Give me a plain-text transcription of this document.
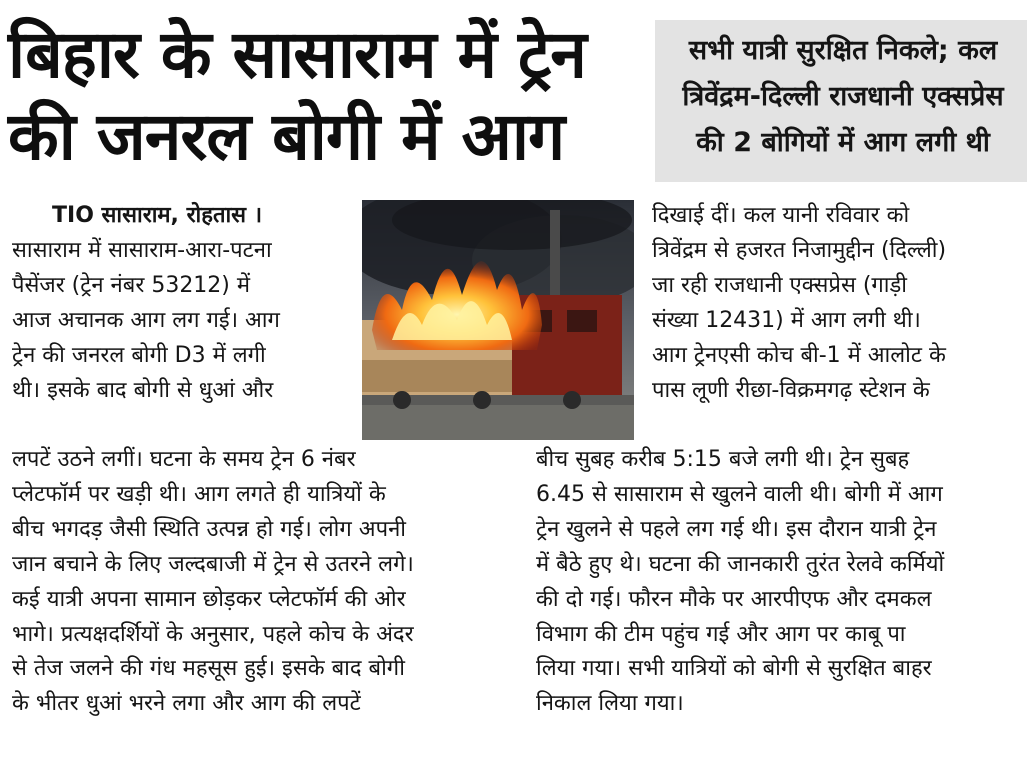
बिहार के सासाराम में ट्रेन
की जनरल बोगी में आग
सभी यात्री सुरक्षित निकले; कल
त्रिवेंद्रम-दिल्ली राजधानी एक्सप्रेस
की 2 बोगियों में आग लगी थी
TIO सासाराम, रोहतास ।
सासाराम में सासाराम-आरा-पटना
पैसेंजर (ट्रेन नंबर 53212) में
आज अचानक आग लग गई। आग
ट्रेन की जनरल बोगी D3 में लगी
थी। इसके बाद बोगी से धुआं और
लपटें उठने लगीं। घटना के समय ट्रेन 6 नंबर
प्लेटफॉर्म पर खड़ी थी। आग लगते ही यात्रियों के
बीच भगदड़ जैसी स्थिति उत्पन्न हो गई। लोग अपनी
जान बचाने के लिए जल्दबाजी में ट्रेन से उतरने लगे।
कई यात्री अपना सामान छोड़कर प्लेटफॉर्म की ओर
भागे। प्रत्यक्षदर्शियों के अनुसार, पहले कोच के अंदर
से तेज जलने की गंध महसूस हुई। इसके बाद बोगी
के भीतर धुआं भरने लगा और आग की लपटें
दिखाई दीं। कल यानी रविवार को
त्रिवेंद्रम से हजरत निजामुद्दीन (दिल्ली)
जा रही राजधानी एक्सप्रेस (गाड़ी
संख्या 12431) में आग लगी थी।
आग ट्रेनएसी कोच बी-1 में आलोट के
पास लूणी रीछा-विक्रमगढ़ स्टेशन के
बीच सुबह करीब 5:15 बजे लगी थी। ट्रेन सुबह
6.45 से सासाराम से खुलने वाली थी। बोगी में आग
ट्रेन खुलने से पहले लग गई थी। इस दौरान यात्री ट्रेन
में बैठे हुए थे। घटना की जानकारी तुरंत रेलवे कर्मियों
की दो गई। फौरन मौके पर आरपीएफ और दमकल
विभाग की टीम पहुंच गई और आग पर काबू पा
लिया गया। सभी यात्रियों को बोगी से सुरक्षित बाहर
निकाल लिया गया।
